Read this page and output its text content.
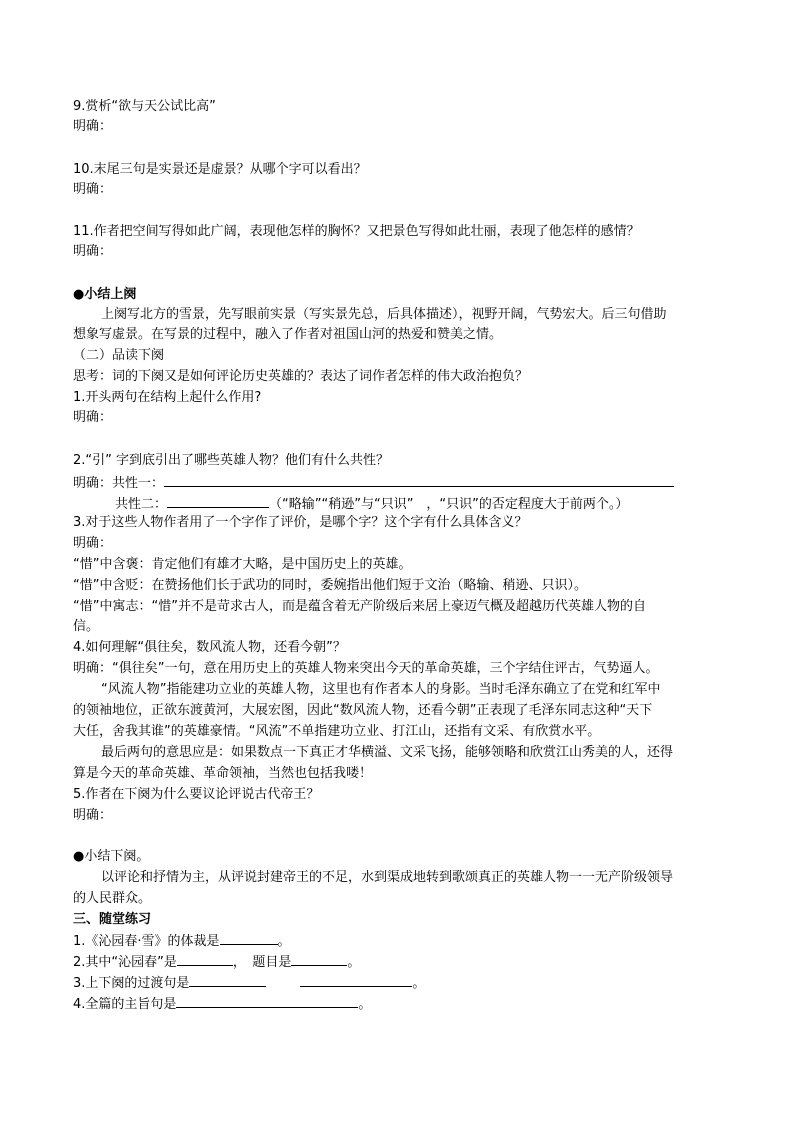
9.赏析“欲与天公试比高”
明确：
10.末尾三句是实景还是虚景？从哪个字可以看出？
明确：
11.作者把空间写得如此广阔，表现他怎样的胸怀？又把景色写得如此壮丽，表现了他怎样的感情？
明确：
●小结上阕
上阕写北方的雪景，先写眼前实景（写实景先总，后具体描述），视野开阔，气势宏大。后三句借助
想象写虚景。在写景的过程中，融入了作者对祖国山河的热爱和赞美之情。
（二）品读下阕
思考：词的下阕又是如何评论历史英雄的？表达了词作者怎样的伟大政治抱负？
1.开头两句在结构上起什么作用?
明确：
2.“引” 字到底引出了哪些英雄人物？他们有什么共性？
明确：共性一：
共性二：	（“略输”“稍逊”与“只识”　，“只识”的否定程度大于前两个。）
3.对于这些人物作者用了一个字作了评价，是哪个字？这个字有什么具体含义？
明确：
“惜”中含褒：肯定他们有雄才大略，是中国历史上的英雄。
“惜”中含贬：在赞扬他们长于武功的同时，委婉指出他们短于文治（略输、稍逊、只识）。
“惜”中寓志：“惜”并不是苛求古人，而是蕴含着无产阶级后来居上豪迈气概及超越历代英雄人物的自
信。
4.如何理解“俱往矣，数风流人物，还看今朝”？
明确：“俱往矣”一句，意在用历史上的英雄人物来突出今天的革命英雄，三个字结住评古，气势逼人。
“风流人物”指能建功立业的英雄人物，这里也有作者本人的身影。当时毛泽东确立了在党和红军中
的领袖地位，正欲东渡黄河，大展宏图，因此“数风流人物，还看今朝”正表现了毛泽东同志这种“天下
大任，舍我其谁”的英雄豪情。“风流”不单指建功立业、打江山，还指有文采、有欣赏水平。
最后两句的意思应是：如果数点一下真正才华横溢、文采飞扬，能够领略和欣赏江山秀美的人，还得
算是今天的革命英雄、革命领袖，当然也包括我喽！
5.作者在下阕为什么要议论评说古代帝王？
明确：
●小结下阕。
以评论和抒情为主，从评说封建帝王的不足，水到渠成地转到歌颂真正的英雄人物一一无产阶级领导
的人民群众。
三、随堂练习
1.《沁园春·雪》的体裁是	。
2.其中“沁园春”是	，　题目是	。
3.上下阕的过渡句是	。
4.全篇的主旨句是	。
